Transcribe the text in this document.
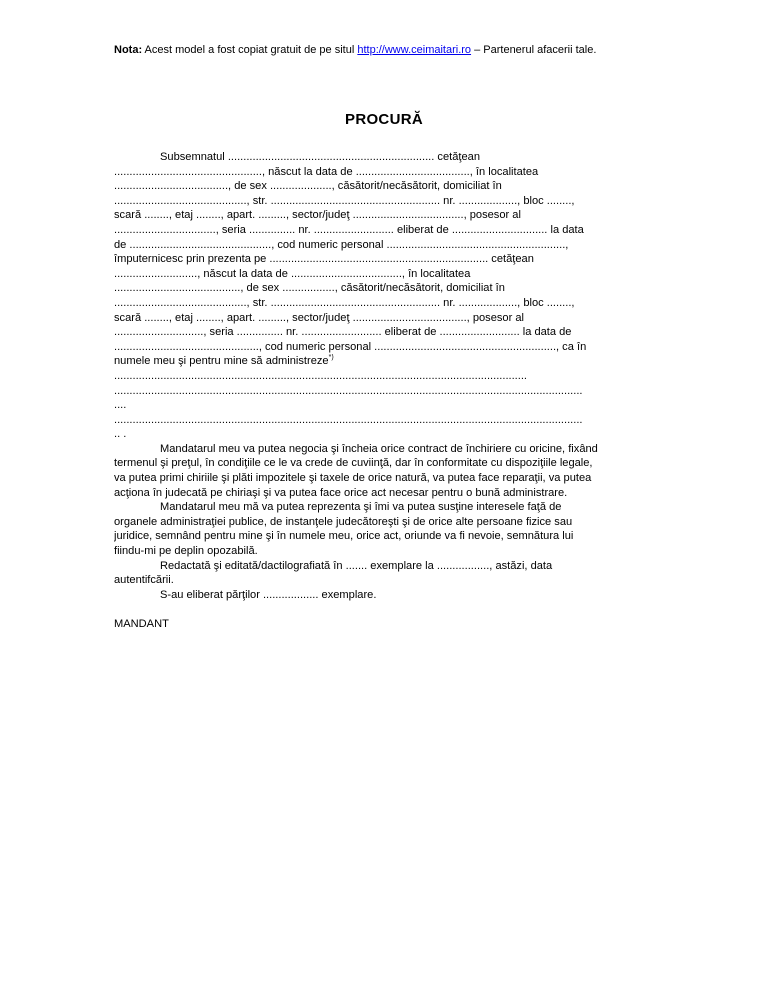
Nota: Acest model a fost copiat gratuit de pe situl http://www.ceimaitari.ro – Partenerul afacerii tale.
PROCURĂ
Subsemnatul ................................................................... cetăţean
................................................, născut la data de ....................................., în localitatea
....................................., de sex ...................., căsătorit/necăsătorit, domiciliat în
..........................................., str. ....................................................... nr. ..................., bloc ........,
scară ........, etaj ........, apart. ........., sector/judeţ ...................................., posesor al
................................., seria ............... nr. .......................... eliberat de ............................... la data
de .............................................., cod numeric personal ..........................................................,
împuternicesc prin prezenta pe ....................................................................... cetăţean
..........................., născut la data de ...................................., în localitatea
........................................., de sex ................., căsătorit/necăsătorit, domiciliat în
..........................................., str. ....................................................... nr. ..................., bloc ........,
scară ........, etaj ........, apart. ........., sector/judeţ ....................................., posesor al
............................., seria ............... nr. .......................... eliberat de .......................... la data de
..............................................., cod numeric personal ..........................................................., ca în
numele meu şi pentru mine să administreze*)
......................................................................................................................................
........................................................................................................................................................
....
........................................................................................................................................................
.. .
Mandatarul meu va putea negocia şi încheia orice contract de închiriere cu oricine, fixând
termenul şi preţul, în condiţiile ce le va crede de cuviinţă, dar în conformitate cu dispoziţiile legale,
va putea primi chiriile şi plăti impozitele şi taxele de orice natură, va putea face reparaţii, va putea
acţiona în judecată pe chiriaşi şi va putea face orice act necesar pentru o bună administrare.
Mandatarul meu mă va putea reprezenta şi îmi va putea susţine interesele faţă de
organele administraţiei publice, de instanţele judecătoreşti şi de orice alte persoane fizice sau
juridice, semnând pentru mine şi în numele meu, orice act, oriunde va fi nevoie, semnătura lui
fiindu-mi pe deplin opozabilă.
Redactată şi editată/dactilografiată în ....... exemplare la ................., astăzi, data
autentifcării.
S-au eliberat părţilor .................. exemplare.
MANDANT
